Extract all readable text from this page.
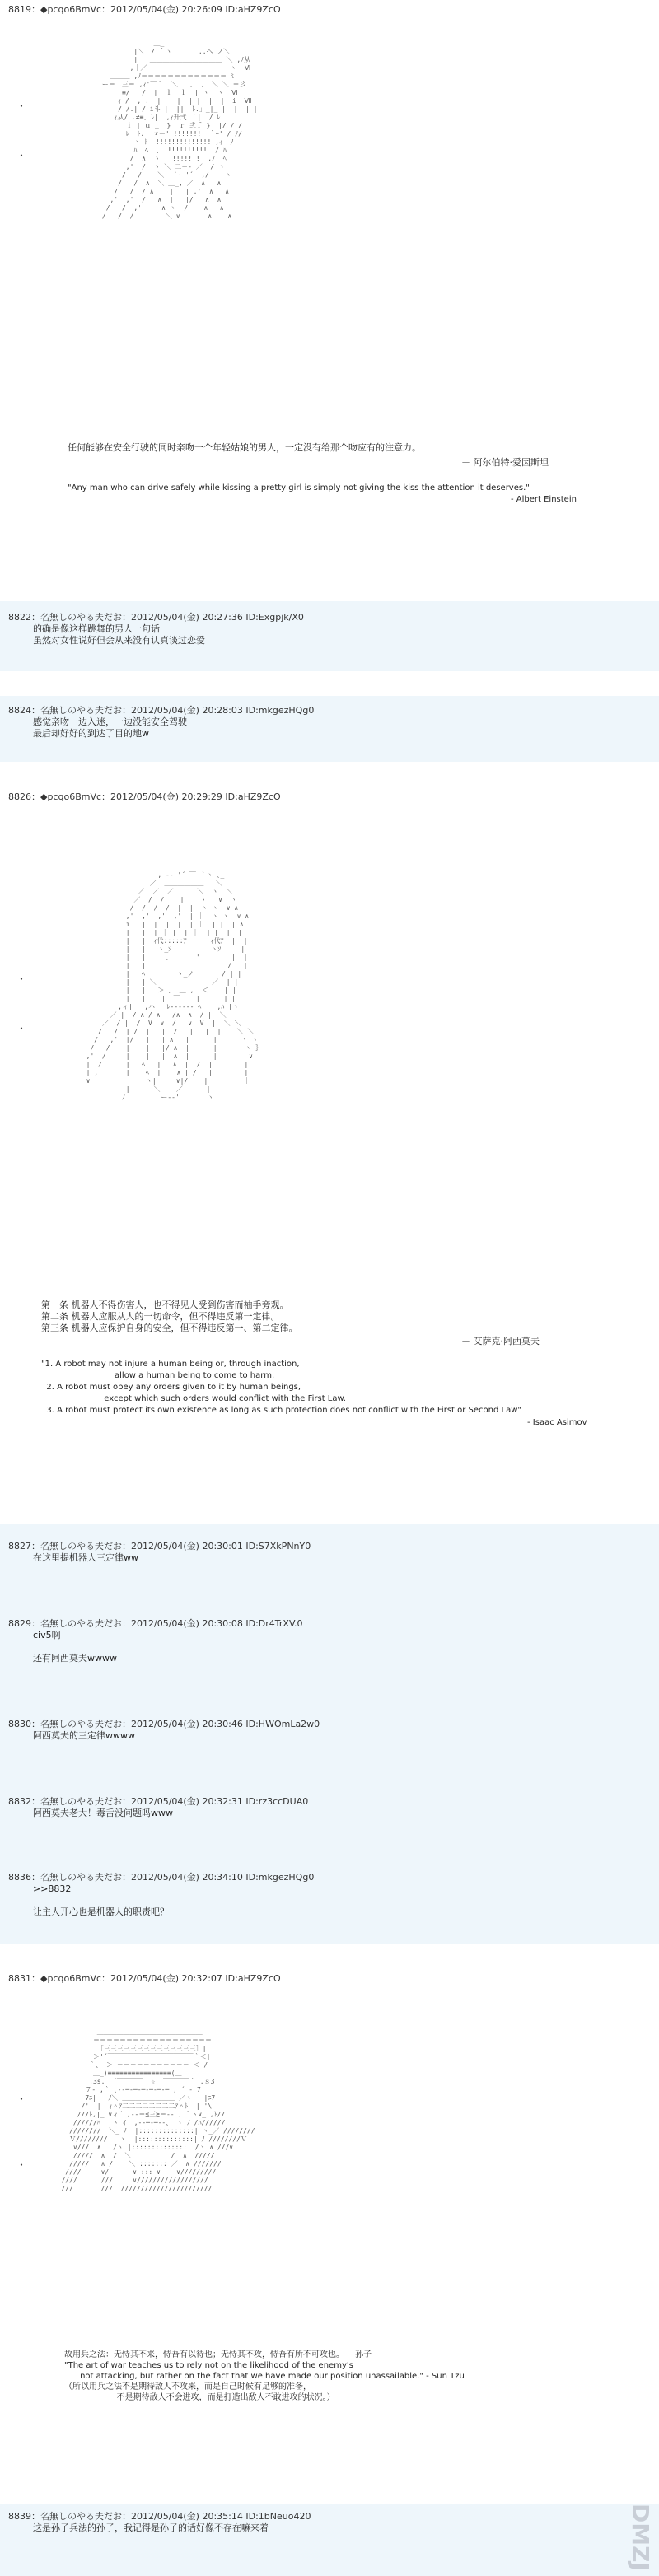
8819：◆pcqo6BmVc：2012/05/04(金) 20:26:09 ID:aHZ9ZcO
＿_
|＼＿/ ｀ヽ＿＿＿＿,.ヘ ノ＼
|   ＿＿＿＿＿＿＿＿＿＿＿ ＼ ,ﾉ从
,｜／－－－－－－－－－－－－ ヽ  Ⅵ
＿＿＿ ,ﾉ＝＝＝＝＝＝＝＝＝＝＝＝＝ ﾐ
ー＝二三＝ ,ｨ'￣｀  ＼   ､  、 ＼ ＼ ＝彡
≡/   /  |  ｌ  ｌ  | ヽ  ヽ  Ⅵ
ｨ /  ,'.  |  | |  | |  |  |  i  Ⅶ
/|/.| / i斗 |  ||  ﾄ.」_|_ |  |  | |
ｨ从/ .≠≡､ ﾚ|  ,ｨ升弍 ｀|  / ﾚ
ｉ | ｕ _  }  ｒ 弐ｆ }  |/ / /
ﾚ  ﾄ.  ゞ－' !!!!!!!  ｀ｰ' / ﾉ/
ヽ ﾄ  !!!!!!!!!!!!!! ,ｨ  ﾉ
ﾊ  ﾍ  ､  !!!!!!!!!!  / ﾊ
/  ∧  ヽ   !!!!!!!  ,ﾉ  ﾍ
,'  /  ヽ ＼ 二＝- ／  / ヽ
/   /    ＼  ｀ー'´  ,/    ヽ
/   /  ∧  ＼ ＿_, ／  ∧   ∧
/   /  / ∧    |   | ,'  ∧   ∧
,'  ,'  /   ∧  |   |/   ∧  ∧
/   /  ,'     ∧ ヽ  /    ∧   ∧
/   /  /        ＼ ∨       ∧    ∧

・
・
任何能够在安全行驶的同时亲吻一个年轻姑娘的男人，一定没有给那个吻应有的注意力。
－ 阿尔伯特·爱因斯坦
"Any man who can drive safely while kissing a pretty girl is simply not giving the kiss the attention it deserves."
- Albert Einstein
8822：名無しのやる夫だお：2012/05/04(金) 20:27:36 ID:Exgpjk/X0
的确是像这样跳舞的男人一句话
虽然对女性说好但会从来没有认真谈过恋爱
8824：名無しのやる夫だお：2012/05/04(金) 20:28:03 ID:mkgezHQg0
感觉亲吻一边入迷，一边没能安全驾驶
最后却好好的到达了目的地w
8826：◆pcqo6BmVc：2012/05/04(金) 20:29:29 ID:aHZ9ZcO
, -‐ '´ ￣ ｀ヽ ､_
／  ＿＿＿＿＿＿   ＼
／  ／  ／  ̄ ̄ ̄ ̄ ＼  ヽ  ＼
／  /  /    |    ヽ   ∨  ヽ
/  /  /  /  |  |  ヽ ヽ  ∨ ∧
,'  ,'  ,'  ,'  | ｜  ヽ ヽ  ∨ ∧
i   |  |  |  |  | ｜  | |  | ∧
|   |  |_｜_|  | ｜ _|_|  |  |
|   |  ｨ代:::::ｱ      ｨ代ｱ  |  |
|   |   ヽ_ｿ          ヽｿ  |  |
|   |     、      '        |  |
|   |          ＿         /   |
|   ﾍ        ヽ_ノ       / | |
|   | ＼              ／  | |
|   |   ＞ ､  ＿ ,  ＜    | |
|   |    |  ￣    |      | |
,ィ|   ,ハ   ﾚ-‐‐‐‐‐ ﾍ    ,ﾊ |ヽ
／ |  / ∧ / ∧   /∧  ∧  / |  ＼
／  / |  /  V  ∨  /   ∨  V  |  ＼ ＼
/   /  | /  |   |  /   |   |  |    ＼ ＼
/   ,'  |/   |   | ∧   |   |  |      ヽ ヽ
/   /    |    |   |/ ∧  |   |  |       ヽ ｝
,'  /     |    |   |  ∧  |   |  |        ∨
|  /      |   ﾍ   |   ∧  |  /  |        |
| ,'      |    ﾍ  |    ∧ | /   |        |
∨        |     ヽ|     ∨|/    |         ｜
|      ＼    ／      |
ﾉ         ー-‐'       ヽ

・
・
第一条 机器人不得伤害人，也不得见人受到伤害而袖手旁观。
第二条 机器人应服从人的一切命令，但不得违反第一定律。
第三条 机器人应保护自身的安全，但不得违反第一、第二定律。
－ 艾萨克·阿西莫夫
"1. A robot may not injure a human being or, through inaction,
allow a human being to come to harm.
2. A robot must obey any orders given to it by human beings,
except which such orders would conflict with the First Law.
3. A robot must protect its own existence as long as such protection does not conflict with the First or Second Law"
- Isaac Asimov
8827：名無しのやる夫だお：2012/05/04(金) 20:30:01 ID:S7XkPNnY0
在这里提机器人三定律ww
8829：名無しのやる夫だお：2012/05/04(金) 20:30:08 ID:Dr4TrXV.0
civ5啊
还有阿西莫夫wwww
8830：名無しのやる夫だお：2012/05/04(金) 20:30:46 ID:HWOmLa2w0
阿西莫夫的三定律wwww
8832：名無しのやる夫だお：2012/05/04(金) 20:32:31 ID:rz3ccDUA0
阿西莫夫老大！毒舌没问题吗www
8836：名無しのやる夫だお：2012/05/04(金) 20:34:10 ID:mkgezHQg0
>>8832
让主人开心也是机器人的职责吧？
8831：◆pcqo6BmVc：2012/05/04(金) 20:32:07 ID:aHZ9ZcO
＿＿＿＿＿＿＿＿＿＿＿＿＿＿＿＿
＝＝＝＝＝＝＝＝＝＝＝＝＝＝＝＝＝＝
| ［三三三三三三三三三三三三三三］|
|＞'´￣￣￣￣￣￣￣￣￣￣￣￣￣｀＜|
｀、 ＞ ＝＝＝＝＝＝＝＝＝＝＝ ＜ /
＿_)≡≡≡≡≡≡≡≡≡≡≡≡≡≡≡≡(＿
,3s.  ´￣￣￣￣  ☆  ￣￣￣￣｀ .ｓ3
７- ,｀ ､-‐─‐─‐─‐─‐─‐─ , ´ - 7
7ﾆ|   ﾉ＼ ＿＿＿＿＿＿＿＿ ／ヽ   |ﾆ7
/'  |  ｨ＾ｱ二二二二二二二二ｱ＾ﾄ  | '\
///ﾄ,|_ ∨ィ´ ,-‐＝≦三≧＝‐- 、｀ヽ∨_|,ﾄ//
//////ﾊ   ヽ ｲ  ,-‐─‐─‐-、 ヽ ﾉ /ﾊ//////
////////  ＼_ ﾉ  |::::::::::::::| ヽ_／ ////////
Ｖ////////   ヽ  |::::::::::::::| ﾉ ////////Ｖ
∨///  ∧   /ヽ |::::::::::::::| /ヽ ∧ ///∨
/////  ∧  /  ＼＿＿＿＿＿＿/  ∧  /////
/////   ∧ /    ＼ ::::::: ／  ∧ ///////
////     ∨/      ∨ ::: ∨    ∨/////////
////      ///     ∨//////////////////
///       ///  ///////////////////////

・
・
故用兵之法：无恃其不来，恃吾有以待也；无恃其不攻，恃吾有所不可攻也。－ 孙子
"The art of war teaches us to rely not on the likelihood of the enemy's
not attacking, but rather on the fact that we have made our position unassailable." - Sun Tzu
（所以用兵之法不是期待敌人不攻来，而是自己时候有足够的准备，
不是期待敌人不会进攻，而是打造出敌人不敢进攻的状况。）
8839：名無しのやる夫だお：2012/05/04(金) 20:35:14 ID:1bNeuo420
这是孙子兵法的孙子，我记得是孙子的话好像不存在嘛来着	DMZJ
